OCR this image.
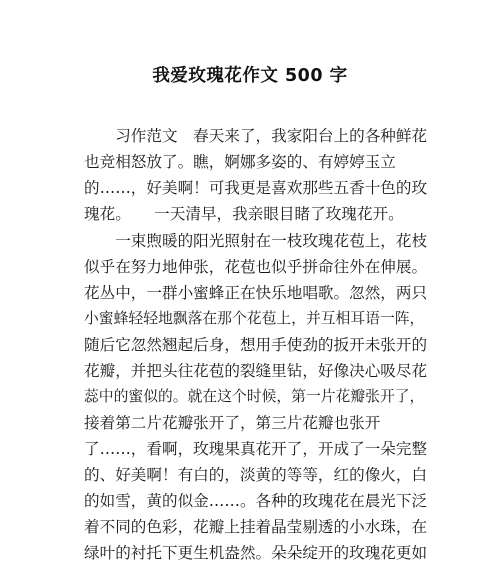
我爱玫瑰花作文 500 字
　　习作范文　春天来了，我家阳台上的各种鲜花
也竞相怒放了。瞧，婀娜多姿的、有婷婷玉立
的……，好美啊！可我更是喜欢那些五香十色的玫
瑰花。　　一天清早，我亲眼目睹了玫瑰花开。
　　一束煦暖的阳光照射在一枝玫瑰花苞上，花枝
似乎在努力地伸张，花苞也似乎拼命往外在伸展。
花丛中，一群小蜜蜂正在快乐地唱歌。忽然，两只
小蜜蜂轻轻地飘落在那个花苞上，并互相耳语一阵，
随后它忽然翘起后身，想用手使劲的扳开未张开的
花瓣，并把头往花苞的裂缝里钻，好像决心吸尽花
蕊中的蜜似的。就在这个时候，第一片花瓣张开了，
接着第二片花瓣张开了，第三片花瓣也张开
了……，看啊，玫瑰果真花开了，开成了一朵完整
的、好美啊！有白的，淡黄的等等，红的像火，白
的如雪，黄的似金……。各种的玫瑰花在晨光下泛
着不同的色彩，花瓣上挂着晶莹剔透的小水珠，在
绿叶的衬托下更生机盎然。朵朵绽开的玫瑰花更如
